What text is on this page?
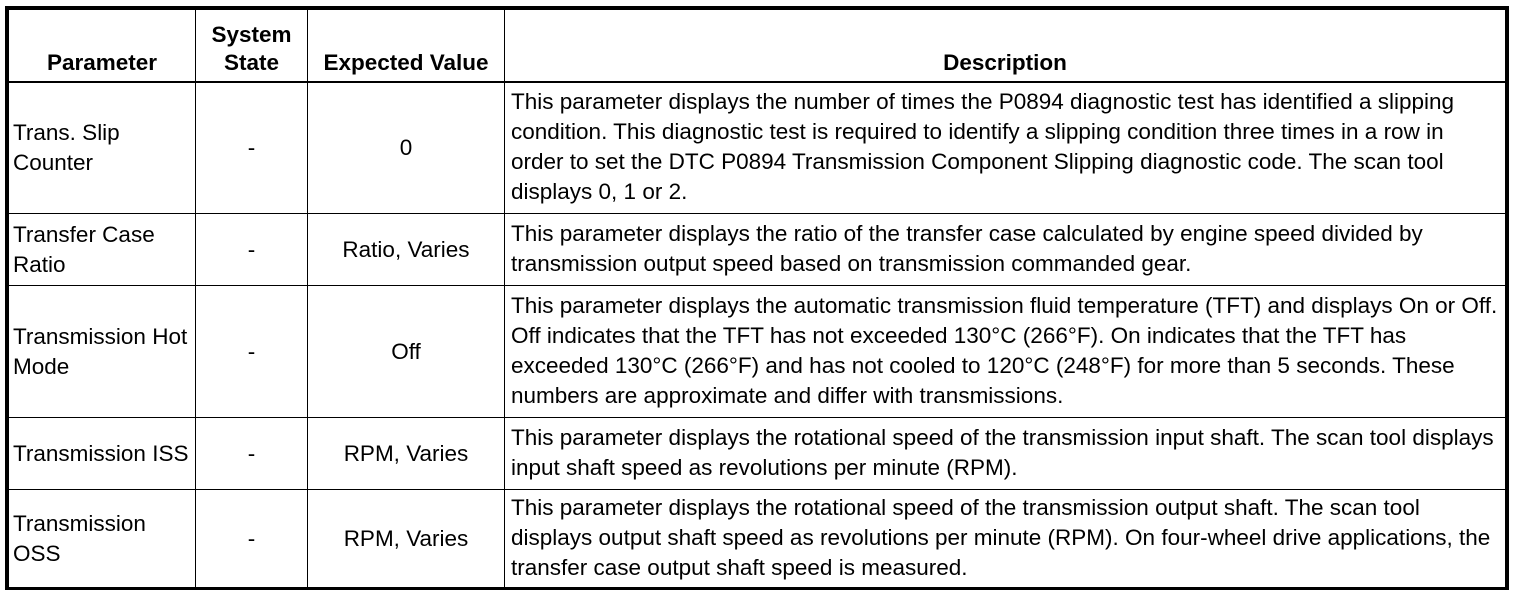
Parameter	System State	Expected Value	Description
Trans. Slip Counter	-	0	This parameter displays the number of times the P0894 diagnostic test has identified a slipping condition. This diagnostic test is required to identify a slipping condition three times in a row in order to set the DTC P0894 Transmission Component Slipping diagnostic code. The scan tool displays 0, 1 or 2.
Transfer Case Ratio	-	Ratio, Varies	This parameter displays the ratio of the transfer case calculated by engine speed divided by transmission output speed based on transmission commanded gear.
Transmission Hot Mode	-	Off	This parameter displays the automatic transmission fluid temperature (TFT) and displays On or Off. Off indicates that the TFT has not exceeded 130°C (266°F). On indicates that the TFT has exceeded 130°C (266°F) and has not cooled to 120°C (248°F) for more than 5 seconds. These numbers are approximate and differ with transmissions.
Transmission ISS	-	RPM, Varies	This parameter displays the rotational speed of the transmission input shaft. The scan tool displays input shaft speed as revolutions per minute (RPM).
Transmission OSS	-	RPM, Varies	This parameter displays the rotational speed of the transmission output shaft. The scan tool displays output shaft speed as revolutions per minute (RPM). On four-wheel drive applications, the transfer case output shaft speed is measured.
